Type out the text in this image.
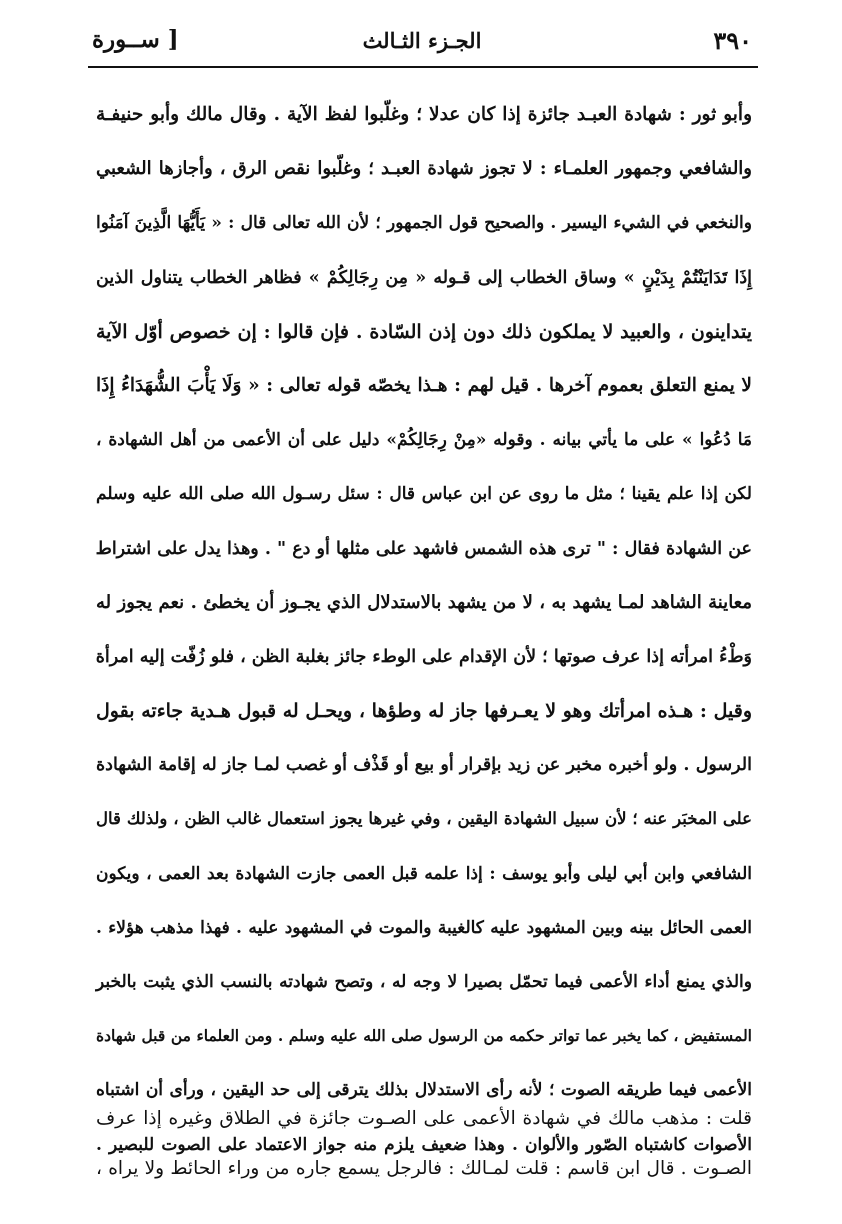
٣٩٠
الجـزء الثـالث
[ ســورة
وأبو ثور : شهادة العبـد جائزة إذا كان عدلا ؛ وغلّبوا لفظ الآية . وقال مالك وأبو حنيفـة
والشافعي وجمهور العلمـاء : لا تجوز شهادة العبـد ؛ وغلّبوا نقص الرق ، وأجازها الشعبي
والنخعي في الشيء اليسير . والصحيح قول الجمهور ؛ لأن الله تعالى قال : « يَأَيُّهَا الَّذِينَ آمَنُوا
إِذَا تَدَايَنْتُمْ بِدَيْنٍ » وساق الخطاب إلى قـوله « مِن رِجَالِكُمْ » فظاهر الخطاب يتناول الذين
يتداينون ، والعبيد لا يملكون ذلك دون إذن السّادة . فإن قالوا : إن خصوص أوّل الآية
لا يمنع التعلق بعموم آخرها . قيل لهم : هـذا يخصّه قوله تعالى : « وَلَا يَأْبَ الشُّهَدَاءُ إِذَا
مَا دُعُوا » على ما يأتي بيانه . وقوله «مِنْ رِجَالِكُمْ» دليل على أن الأعمى من أهل الشهادة ،
لكن إذا علم يقينا ؛ مثل ما روى عن ابن عباس قال : سئل رسـول الله صلى الله عليه وسلم
عن الشهادة فقال : " ترى هذه الشمس فاشهد على مثلها أو دع " . وهذا يدل على اشتراط
معاينة الشاهد لمـا يشهد به ، لا من يشهد بالاستدلال الذي يجـوز أن يخطئ . نعم يجوز له
وَطْءُ امرأته إذا عرف صوتها ؛ لأن الإقدام على الوطء جائز بغلبة الظن ، فلو زُفّت إليه امرأة
وقيل : هـذه امرأتك وهو لا يعـرفها جاز له وطؤها ، ويحـل له قبول هـدية جاءته بقول
الرسول . ولو أخبره مخبر عن زيد بإقرار أو بيع أو قَذْف أو غصب لمـا جاز له إقامة الشهادة
على المخبَر عنه ؛ لأن سبيل الشهادة اليقين ، وفي غيرها يجوز استعمال غالب الظن ، ولذلك قال
الشافعي وابن أبي ليلى وأبو يوسف : إذا علمه قبل العمى جازت الشهادة بعد العمى ، ويكون
العمى الحائل بينه وبين المشهود عليه كالغيبة والموت في المشهود عليه . فهذا مذهب هؤلاء .
والذي يمنع أداء الأعمى فيما تحمّل بصيرا لا وجه له ، وتصح شهادته بالنسب الذي يثبت بالخبر
المستفيض ، كما يخبر عما تواتر حكمه من الرسول صلى الله عليه وسلم . ومن العلماء من قبل شهادة
الأعمى فيما طريقه الصوت ؛ لأنه رأى الاستدلال بذلك يترقى إلى حد اليقين ، ورأى أن اشتباه
الأصوات كاشتباه الصّور والألوان . وهذا ضعيف يلزم منه جواز الاعتماد على الصوت للبصير .
قلت : مذهب مالك في شهادة الأعمى على الصـوت جائزة في الطلاق وغيره إذا عرف
الصـوت . قال ابن قاسم : قلت لمـالك : فالرجل يسمع جاره من وراء الحائط ولا يراه ،
